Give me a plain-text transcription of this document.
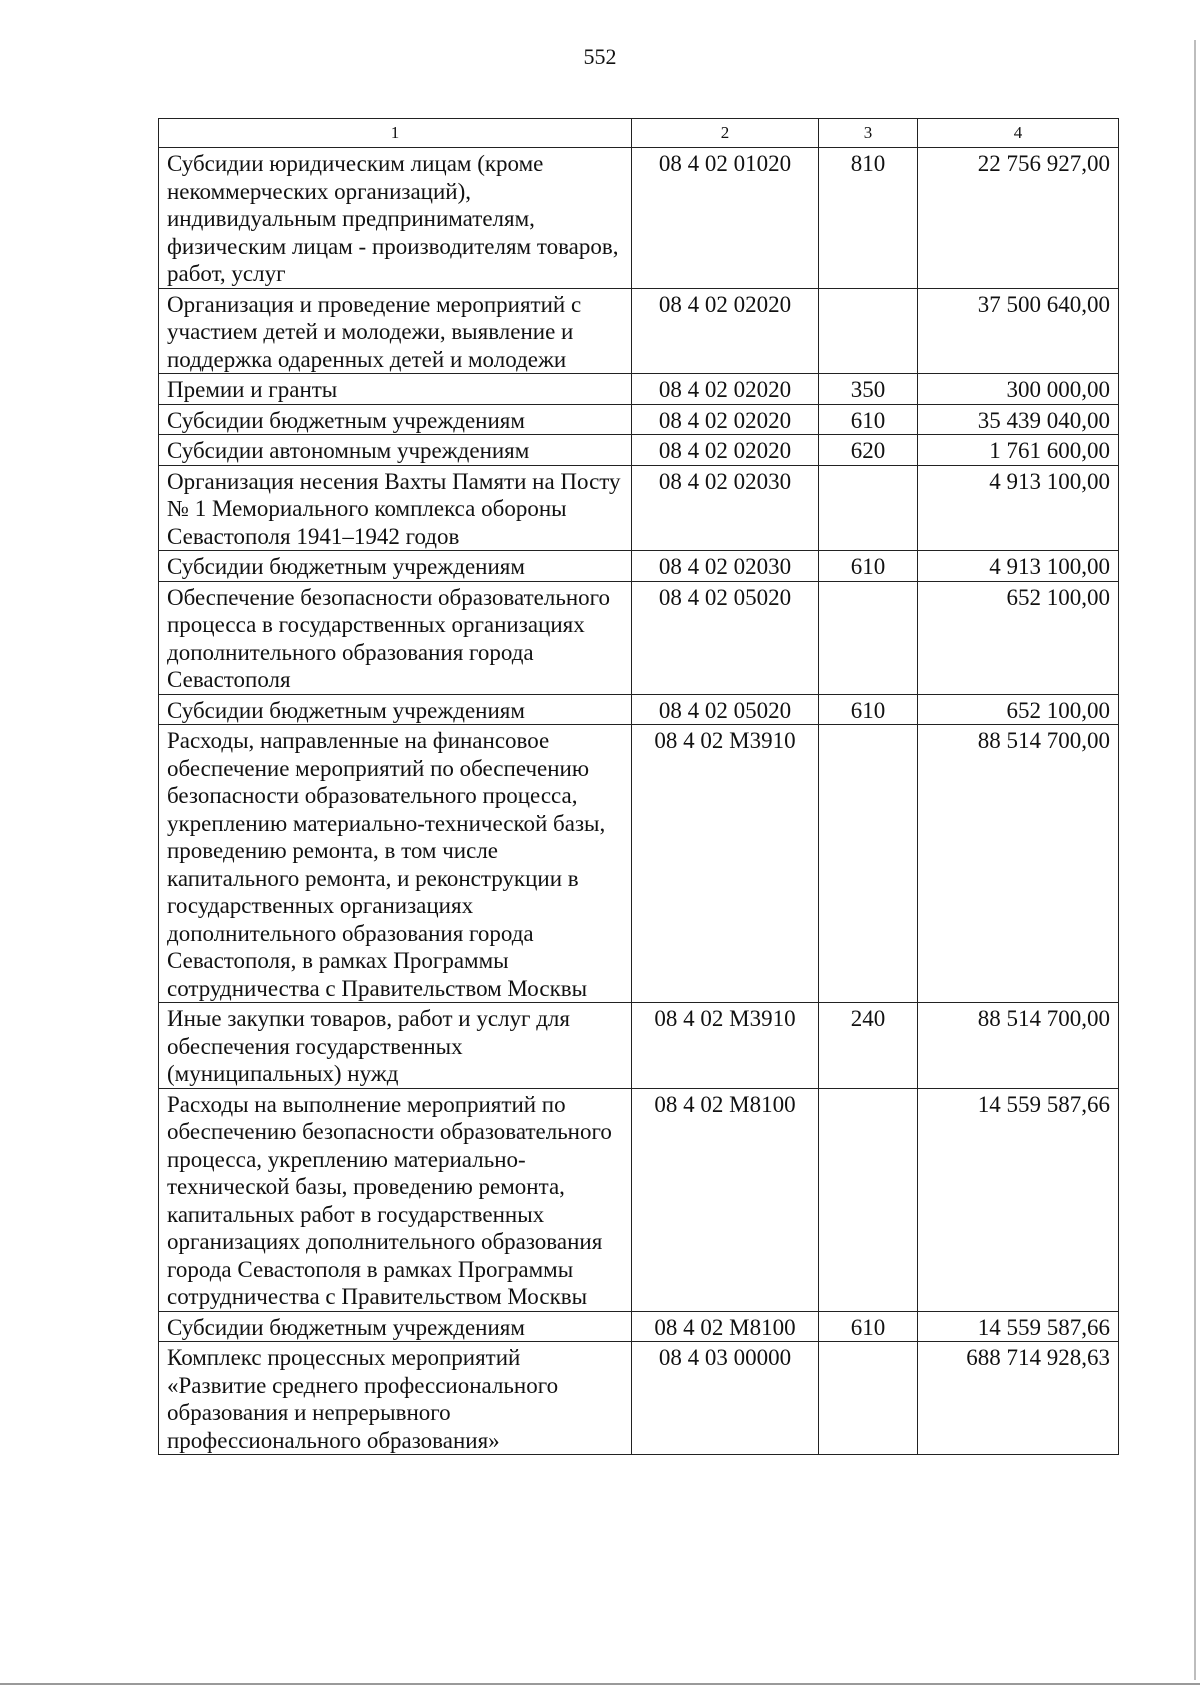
552
1	2	3	4
Субсидии юридическим лицам (кроме некоммерческих организаций), индивидуальным предпринимателям, физическим лицам - производителям товаров, работ, услуг	08 4 02 01020	810	22 756 927,00
Организация и проведение мероприятий с участием детей и молодежи, выявление и поддержка одаренных детей и молодежи	08 4 02 02020		37 500 640,00
Премии и гранты	08 4 02 02020	350	300 000,00
Субсидии бюджетным учреждениям	08 4 02 02020	610	35 439 040,00
Субсидии автономным учреждениям	08 4 02 02020	620	1 761 600,00
Организация несения Вахты Памяти на Посту № 1 Мемориального комплекса обороны Севастополя 1941–1942 годов	08 4 02 02030		4 913 100,00
Субсидии бюджетным учреждениям	08 4 02 02030	610	4 913 100,00
Обеспечение безопасности образовательного процесса в государственных организациях дополнительного образования города Севастополя	08 4 02 05020		652 100,00
Субсидии бюджетным учреждениям	08 4 02 05020	610	652 100,00
Расходы, направленные на финансовое обеспечение мероприятий по обеспечению безопасности образовательного процесса, укреплению материально-технической базы, проведению ремонта, в том числе капитального ремонта, и реконструкции в государственных организациях дополнительного образования города Севастополя, в рамках Программы сотрудничества с Правительством Москвы	08 4 02 М3910		88 514 700,00
Иные закупки товаров, работ и услуг для обеспечения государственных (муниципальных) нужд	08 4 02 М3910	240	88 514 700,00
Расходы на выполнение мероприятий по обеспечению безопасности образовательного процесса, укреплению материально-технической базы, проведению ремонта, капитальных работ в государственных организациях дополнительного образования города Севастополя в рамках Программы сотрудничества с Правительством Москвы	08 4 02 М8100		14 559 587,66
Субсидии бюджетным учреждениям	08 4 02 М8100	610	14 559 587,66
Комплекс процессных мероприятий «Развитие среднего профессионального образования и непрерывного профессионального образования»	08 4 03 00000		688 714 928,63
